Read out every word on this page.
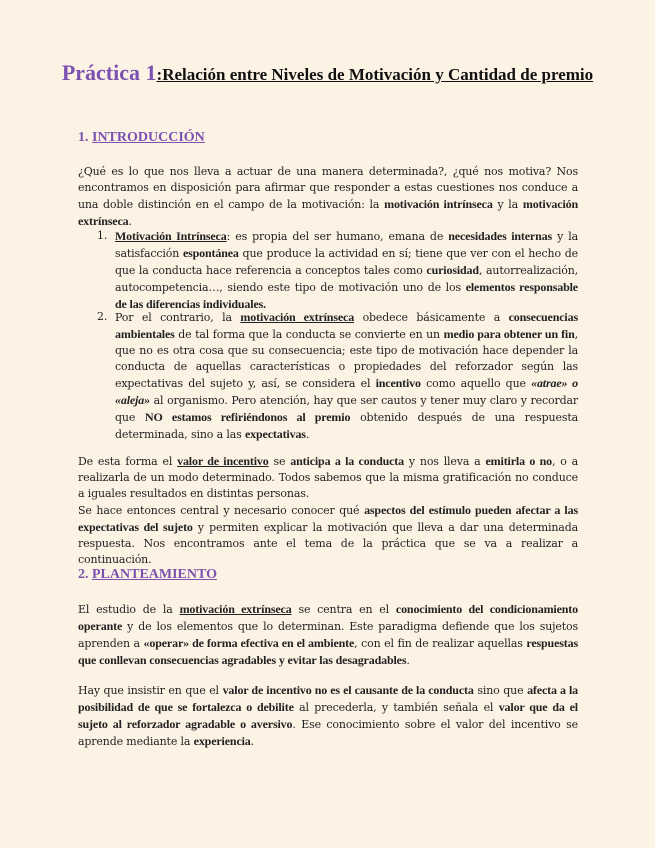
Práctica 1:Relación entre Niveles de Motivación y Cantidad de premio
1. INTRODUCCIÓN
¿Qué es lo que nos lleva a actuar de una manera determinada?, ¿qué nos motiva? Nos encontramos en disposición para afirmar que responder a estas cuestiones nos conduce a una doble distinción en el campo de la motivación: la motivación intrínseca y la motivación extrínseca.
1. Motivación Intrínseca: es propia del ser humano, emana de necesidades internas y la satisfacción espontánea que produce la actividad en sí; tiene que ver con el hecho de que la conducta hace referencia a conceptos tales como curiosidad, autorrealización, autocompetencia…, siendo este tipo de motivación uno de los elementos responsable de las diferencias individuales.
2. Por el contrario, la motivación extrínseca obedece básicamente a consecuencias ambientales de tal forma que la conducta se convierte en un medio para obtener un fin, que no es otra cosa que su consecuencia; este tipo de motivación hace depender la conducta de aquellas características o propiedades del reforzador según las expectativas del sujeto y, así, se considera el incentivo como aquello que «atrae» o «aleja» al organismo. Pero atención, hay que ser cautos y tener muy claro y recordar que NO estamos refiriéndonos al premio obtenido después de una respuesta determinada, sino a las expectativas.
De esta forma el valor de incentivo se anticipa a la conducta y nos lleva a emitirla o no, o a realizarla de un modo determinado. Todos sabemos que la misma gratificación no conduce a iguales resultados en distintas personas.
Se hace entonces central y necesario conocer qué aspectos del estímulo pueden afectar a las expectativas del sujeto y permiten explicar la motivación que lleva a dar una determinada respuesta. Nos encontramos ante el tema de la práctica que se va a realizar a continuación.
2. PLANTEAMIENTO
El estudio de la motivación extrínseca se centra en el conocimiento del condicionamiento operante y de los elementos que lo determinan. Este paradigma defiende que los sujetos aprenden a «operar» de forma efectiva en el ambiente, con el fin de realizar aquellas respuestas que conllevan consecuencias agradables y evitar las desagradables.
Hay que insistir en que el valor de incentivo no es el causante de la conducta sino que afecta a la posibilidad de que se fortalezca o debilite al precederla, y también señala el valor que da el sujeto al reforzador agradable o aversivo. Ese conocimiento sobre el valor del incentivo se aprende mediante la experiencia.
